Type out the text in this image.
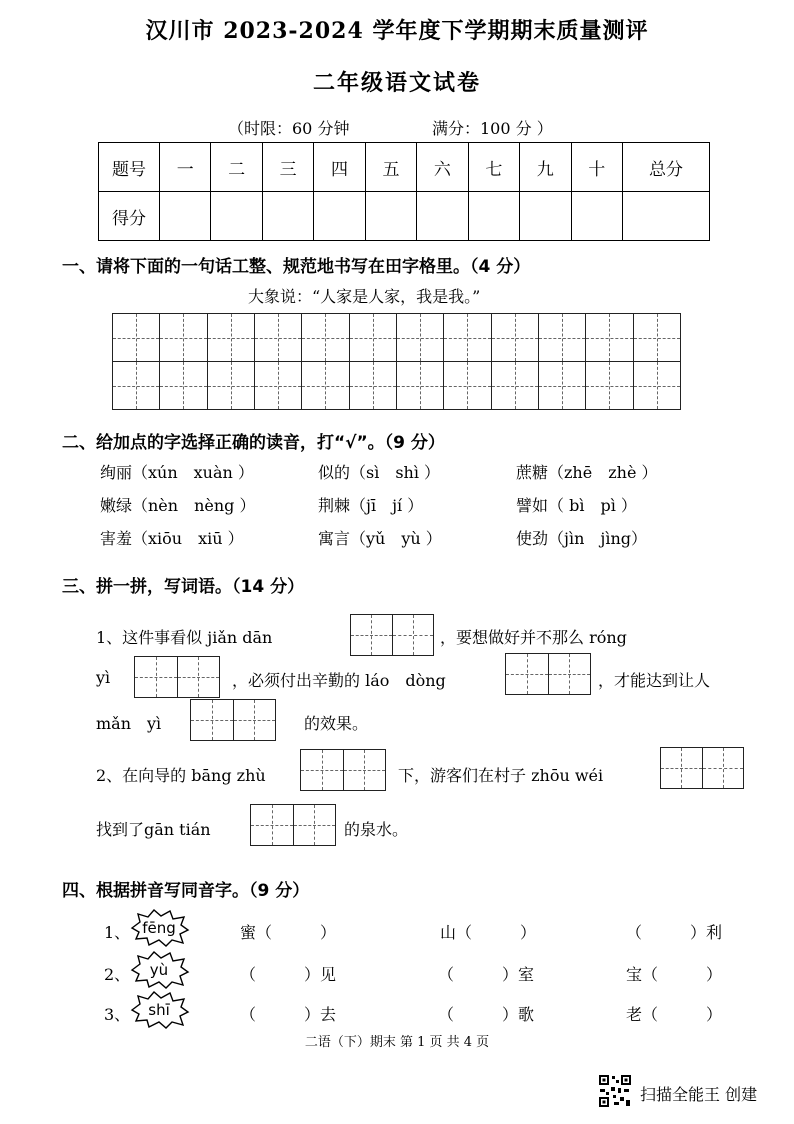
汉川市 2023-2024 学年度下学期期末质量测评
二年级语文试卷
（时限：60 分钟	满分：100 分 ）
题号	一	二	三	四	五	六	七	九	十	总分
得分										
一、请将下面的一句话工整、规范地书写在田字格里。（4 分）
大象说：“人家是人家，我是我。”
二、给加点的字选择正确的读音，打“√”。（9 分）
绚丽（xún　xuàn ）	似的（sì　shì ）	蔗糖（zhē　zhè ）
嫩绿（nèn　nèng ）	荆棘（jī　jí ）	譬如（ bì　pì ）
害羞（xiōu　xiū ）	寓言（yǔ　yù ）	使劲（jìn　jìng）
三、拼一拼，写词语。（14 分）
1、这件事看似 jiǎn dān	，要想做好并不那么 róng
yì	，必须付出辛勤的 láo　dòng	，才能达到让人
mǎn　yì	的效果。
2、在向导的 bāng zhù	下，游客们在村子 zhōu wéi
找到了gān tián	的泉水。
四、根据拼音写同音字。（9 分）
1、 fēng	蜜（　　　）	山（　　　）	（　　　）利
2、	yù	（　　　）见	（　　　）室	宝（　　　）
3、	shī	（　　　）去	（　　　）歌	老（　　　）
二语（下）期末 第 1 页 共 4 页
扫描全能王 创建
